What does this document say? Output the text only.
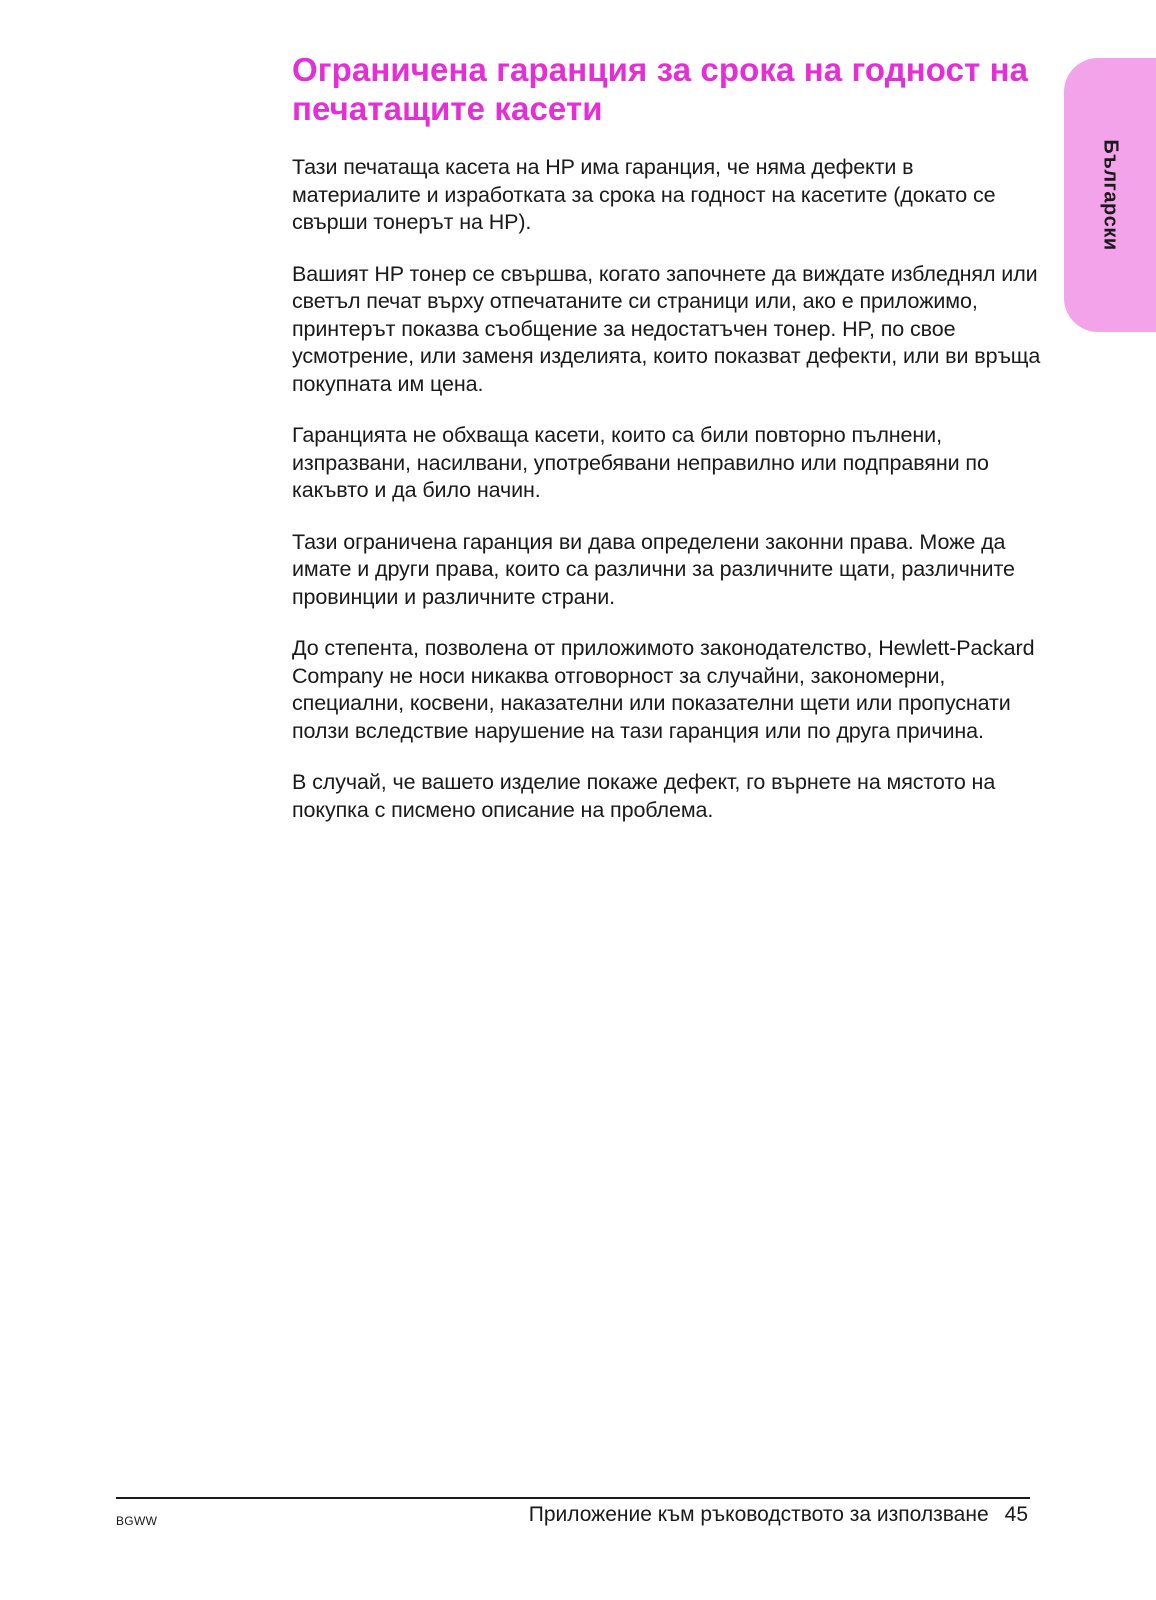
Ограничена гаранция за срока на годност на печатащите касети
Български

Тази печатаща касета на HP има гаранция, че няма дефекти в материалите и изработката за срока на годност на касетите (докато се свърши тонерът на HP).

Вашият HP тонер се свършва, когато започнете да виждате избледнял или светъл печат върху отпечатаните си страници или, ако е приложимо, принтерът показва съобщение за недостатъчен тонер. HP, по свое усмотрение, или заменя изделията, които показват дефекти, или ви връща покупната им цена.

Гаранцията не обхваща касети, които са били повторно пълнени, изпразвани, насилвани, употребявани неправилно или подправяни по какъвто и да било начин.

Тази ограничена гаранция ви дава определени законни права. Може да имате и други права, които са различни за различните щати, различните провинции и различните страни.

До степента, позволена от приложимото законодателство, Hewlett-Packard Company не носи никаква отговорност за случайни, закономерни, специални, косвени, наказателни или показателни щети или пропуснати ползи вследствие нарушение на тази гаранция или по друга причина.

В случай, че вашето изделие покаже дефект, го върнете на мястото на покупка с писмено описание на проблема.

BGWW	Приложение към ръководството за използване 45
